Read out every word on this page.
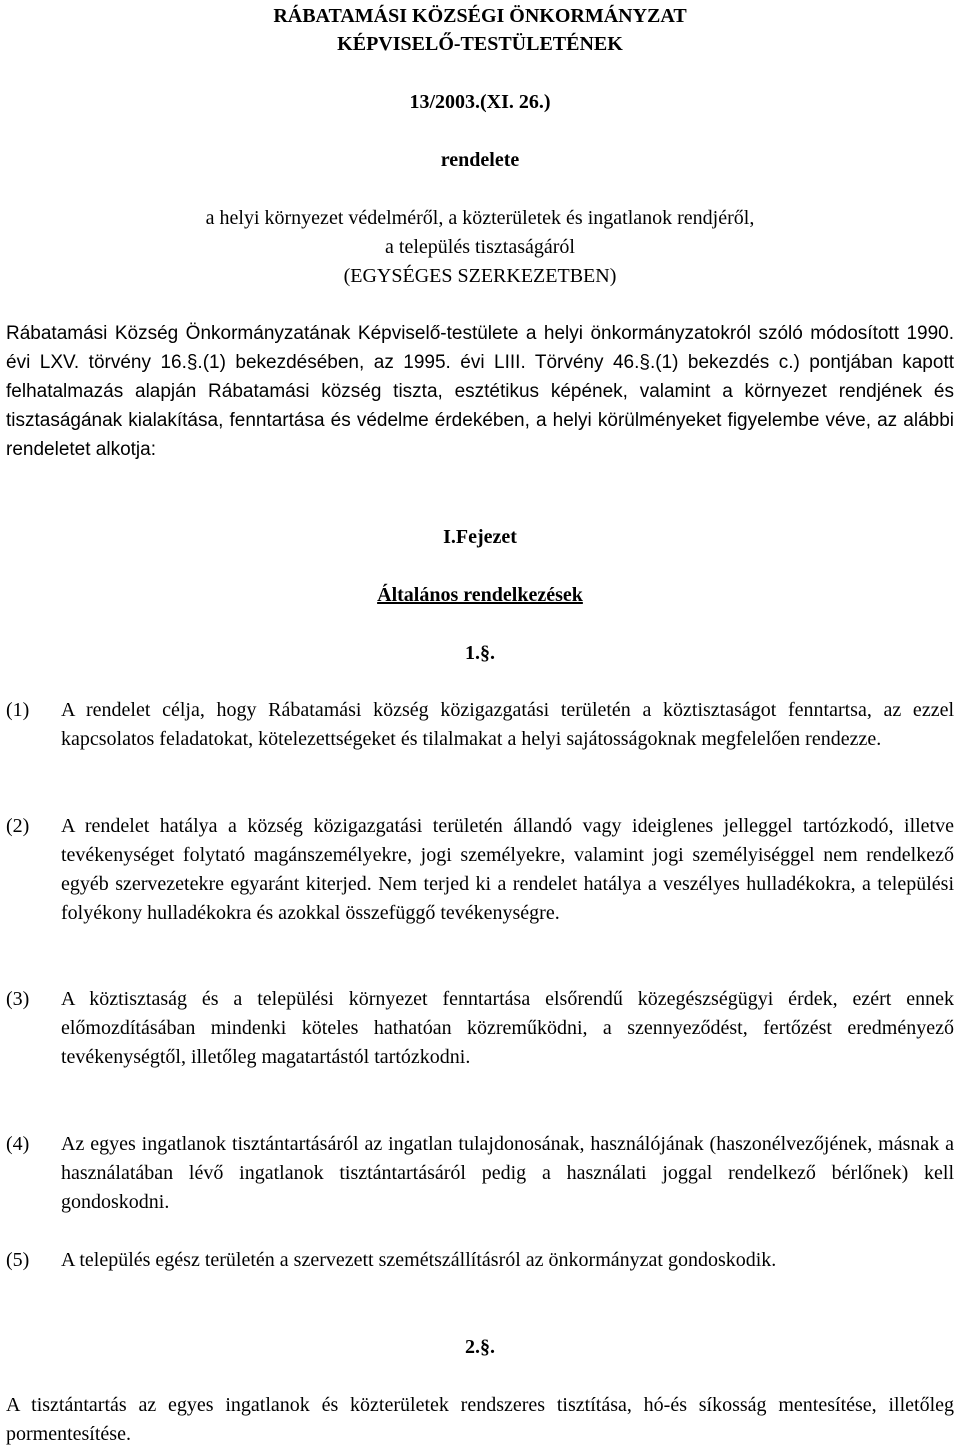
RÁBATAMÁSI KÖZSÉGI ÖNKORMÁNYZAT
KÉPVISELŐ-TESTÜLETÉNEK
13/2003.(XI. 26.)
rendelete
a helyi környezet védelméről, a közterületek és ingatlanok rendjéről,
a település tisztaságáról
(EGYSÉGES SZERKEZETBEN)
Rábatamási Község Önkormányzatának Képviselő-testülete a helyi önkormányzatokról szóló módosított 1990. évi LXV. törvény 16.§.(1) bekezdésében, az 1995. évi LIII. Törvény 46.§.(1) bekezdés c.) pontjában kapott felhatalmazás alapján Rábatamási község tiszta, esztétikus képének, valamint a környezet rendjének és tisztaságának kialakítása, fenntartása és védelme érdekében, a helyi körülményeket figyelembe véve, az alábbi rendeletet alkotja:
I.Fejezet
Általános rendelkezések
1.§.
(1)	A rendelet célja, hogy Rábatamási község közigazgatási területén a köztisztaságot fenntartsa, az ezzel kapcsolatos feladatokat, kötelezettségeket és tilalmakat a helyi sajátosságoknak megfelelően rendezze.
(2)	A rendelet hatálya a község közigazgatási területén állandó vagy ideiglenes jelleggel tartózkodó, illetve tevékenységet folytató magánszemélyekre, jogi személyekre, valamint jogi személyiséggel nem rendelkező egyéb szervezetekre egyaránt kiterjed. Nem terjed ki a rendelet hatálya a veszélyes hulladékokra, a települési folyékony hulladékokra és azokkal összefüggő tevékenységre.
(3)	A köztisztaság és a települési környezet fenntartása elsőrendű közegészségügyi érdek, ezért ennek előmozdításában mindenki köteles hathatóan közreműködni, a szennyeződést, fertőzést eredményező tevékenységtől, illetőleg magatartástól tartózkodni.
(4)	Az egyes ingatlanok tisztántartásáról az ingatlan tulajdonosának, használójának (haszonélvezőjének, másnak a használatában lévő ingatlanok tisztántartásáról pedig a használati joggal rendelkező bérlőnek) kell gondoskodni.
(5)	A település egész területén a szervezett szemétszállításról az önkormányzat gondoskodik.
2.§.
A tisztántartás az egyes ingatlanok és közterületek rendszeres tisztítása, hó-és síkosság mentesítése, illetőleg pormentesítése.
